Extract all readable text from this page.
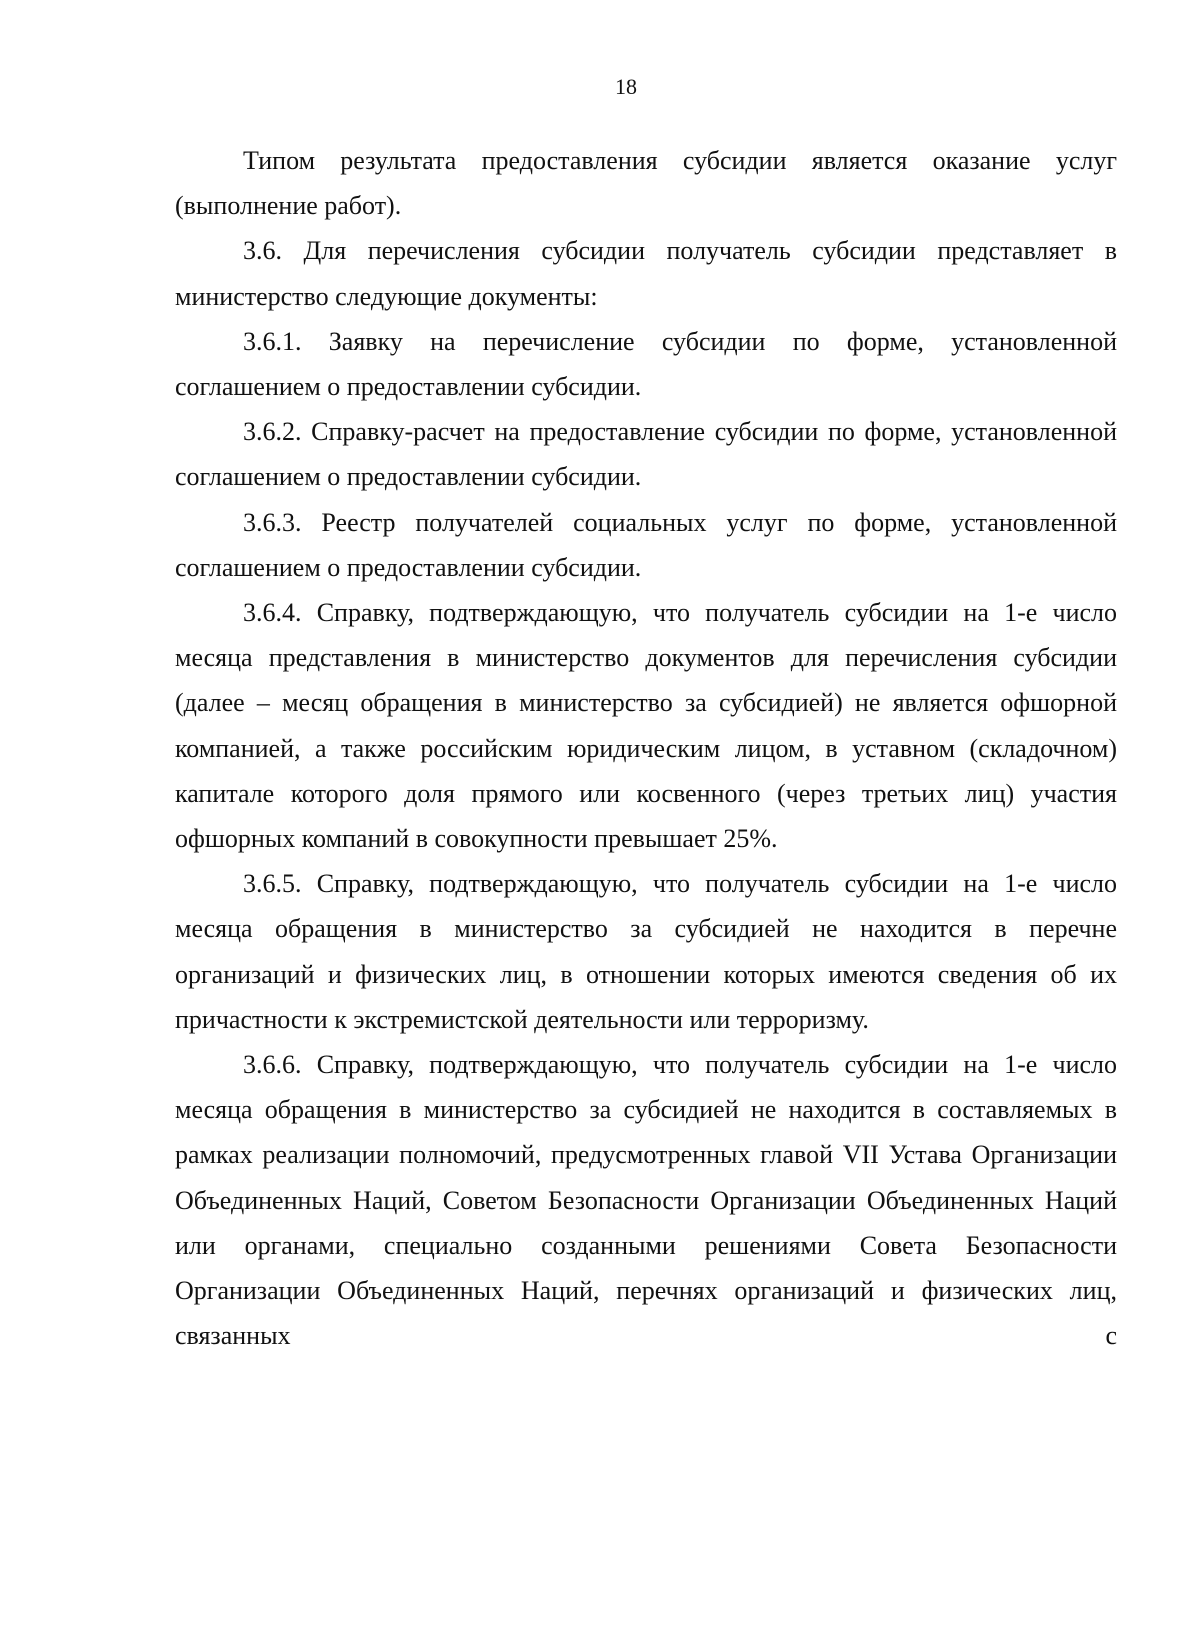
18

Типом результата предоставления субсидии является оказание услуг (выполнение работ).

3.6. Для перечисления субсидии получатель субсидии представляет в министерство следующие документы:

3.6.1. Заявку на перечисление субсидии по форме, установленной соглашением о предоставлении субсидии.

3.6.2. Справку-расчет на предоставление субсидии по форме, установленной соглашением о предоставлении субсидии.

3.6.3. Реестр получателей социальных услуг по форме, установленной соглашением о предоставлении субсидии.

3.6.4. Справку, подтверждающую, что получатель субсидии на 1-е число месяца представления в министерство документов для перечисления субсидии (далее – месяц обращения в министерство за субсидией) не является офшорной компанией, а также российским юридическим лицом, в уставном (складочном) капитале которого доля прямого или косвенного (через третьих лиц) участия офшорных компаний в совокупности превышает 25%.

3.6.5. Справку, подтверждающую, что получатель субсидии на 1-е число месяца обращения в министерство за субсидией не находится в перечне организаций и физических лиц, в отношении которых имеются сведения об их причастности к экстремистской деятельности или терроризму.

3.6.6. Справку, подтверждающую, что получатель субсидии на 1-е число месяца обращения в министерство за субсидией не находится в составляемых в рамках реализации полномочий, предусмотренных главой VII Устава Организации Объединенных Наций, Советом Безопасности Организации Объединенных Наций или органами, специально созданными решениями Совета Безопасности Организации Объединенных Наций, перечнях организаций и физических лиц, связанных с
